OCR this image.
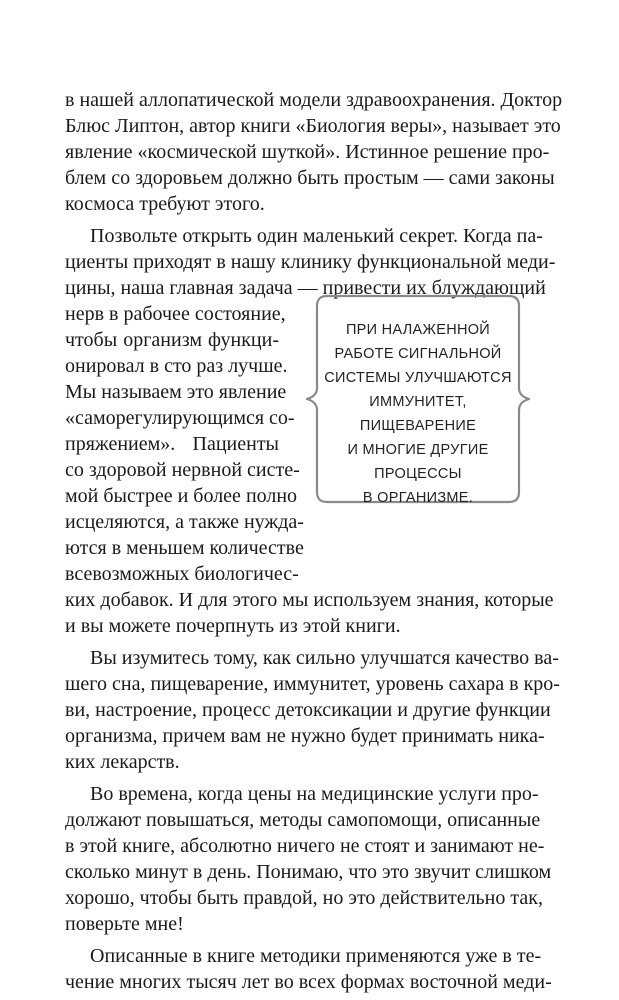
в нашей аллопатической модели здравоохранения. Доктор

Блюс Липтон, автор книги «Биология веры», называет это

явление «космической шуткой». Истинное решение про-

блем со здоровьем должно быть простым — сами законы

космоса требуют этого.

Позвольте открыть один маленький секрет. Когда па-

циенты приходят в нашу клинику функциональной меди-

цины, наша главная задача — привести их блуждающий

нерв в рабочее состояние,

чтобы организм функци-

онировал в сто раз лучше.

Мы называем это явление

«саморегулирующимся со-

пряжением». Пациенты

со здоровой нервной систе-

мой быстрее и более полно

исцеляются, а также нужда-

ются в меньшем количестве

всевозможных биологичес-

ких добавок. И для этого мы используем знания, которые

и вы можете почерпнуть из этой книги.

Вы изумитесь тому, как сильно улучшатся качество ва-

шего сна, пищеварение, иммунитет, уровень сахара в кро-

ви, настроение, процесс детоксикации и другие функции

организма, причем вам не нужно будет принимать ника-

ких лекарств.

Во времена, когда цены на медицинские услуги про-

должают повышаться, методы самопомощи, описанные

в этой книге, абсолютно ничего не стоят и занимают не-

сколько минут в день. Понимаю, что это звучит слишком

хорошо, чтобы быть правдой, но это действительно так,

поверьте мне!

Описанные в книге методики применяются уже в те-

чение многих тысяч лет во всех формах восточной меди-

ПРИ НАЛАЖЕННОЙ
РАБОТЕ СИГНАЛЬНОЙ
СИСТЕМЫ УЛУЧШАЮТСЯ
ИММУНИТЕТ,
ПИЩЕВАРЕНИЕ
И МНОГИЕ ДРУГИЕ
ПРОЦЕССЫ
В ОРГАНИЗМЕ.
